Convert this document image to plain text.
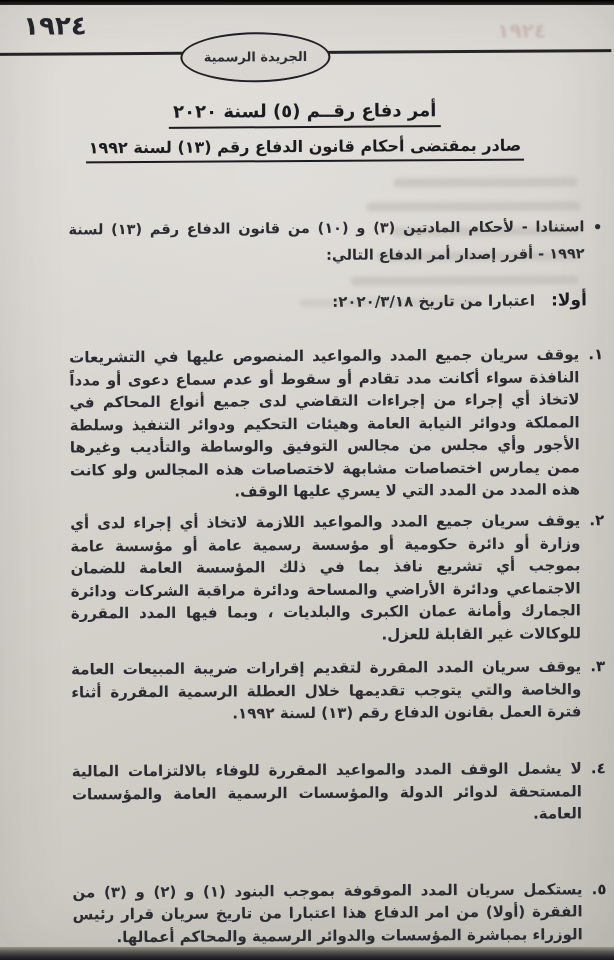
١٩٢٤
١٩٢٤
الجريدة الرسمية
أمر دفاع رقــم (٥) لسنة ٢٠٢٠
صادر بمقتضى أحكام قانون الدفاع رقم (١٣) لسنة ١٩٩٢
•
استنادا - لأحكام المادتين (٣) و (١٠) من قانون الدفاع رقم (١٣) لسنة ١٩٩٢ - أقرر إصدار أمر الدفاع التالي:
أولا:
اعتبارا من تاريخ ٢٠٢٠/٣/١٨:
١.
يوقف سريان جميع المدد والمواعيد المنصوص عليها في التشريعات النافذة سواء أكانت مدد تقادم أو سقوط أو عدم سماع دعوى أو مدداً لاتخاذ أي إجراء من إجراءات التقاضي لدى جميع أنواع المحاكم في المملكة ودوائر النيابة العامة وهيئات التحكيم ودوائر التنفيذ وسلطة الأجور وأي مجلس من مجالس التوفيق والوساطة والتأديب وغيرها ممن يمارس اختصاصات مشابهة لاختصاصات هذه المجالس ولو كانت هذه المدد من المدد التي لا يسري عليها الوقف.
٢.
يوقف سريان جميع المدد والمواعيد اللازمة لاتخاذ أي إجراء لدى أي وزارة أو دائرة حكومية أو مؤسسة رسمية عامة أو مؤسسة عامة بموجب أي تشريع نافذ بما في ذلك المؤسسة العامة للضمان الاجتماعي ودائرة الأراضي والمساحة ودائرة مراقبة الشركات ودائرة الجمارك وأمانة عمان الكبرى والبلديات ، وبما فيها المدد المقررة للوكالات غير القابلة للعزل.
٣.
يوقف سريان المدد المقررة لتقديم إقرارات ضريبة المبيعات العامة والخاصة والتي يتوجب تقديمها خلال العطلة الرسمية المقررة أثناء فترة العمل بقانون الدفاع رقم (١٣) لسنة ١٩٩٢.
٤.
لا يشمل الوقف المدد والمواعيد المقررة للوفاء بالالتزامات المالية المستحقة لدوائر الدولة والمؤسسات الرسمية العامة والمؤسسات العامة.
٥.
يستكمل سريان المدد الموقوفة بموجب البنود (١) و (٢) و (٣) من الفقرة (أولا) من امر الدفاع هذا اعتبارا من تاريخ سريان قرار رئيس الوزراء بمباشرة المؤسسات والدوائر الرسمية والمحاكم أعمالها.
